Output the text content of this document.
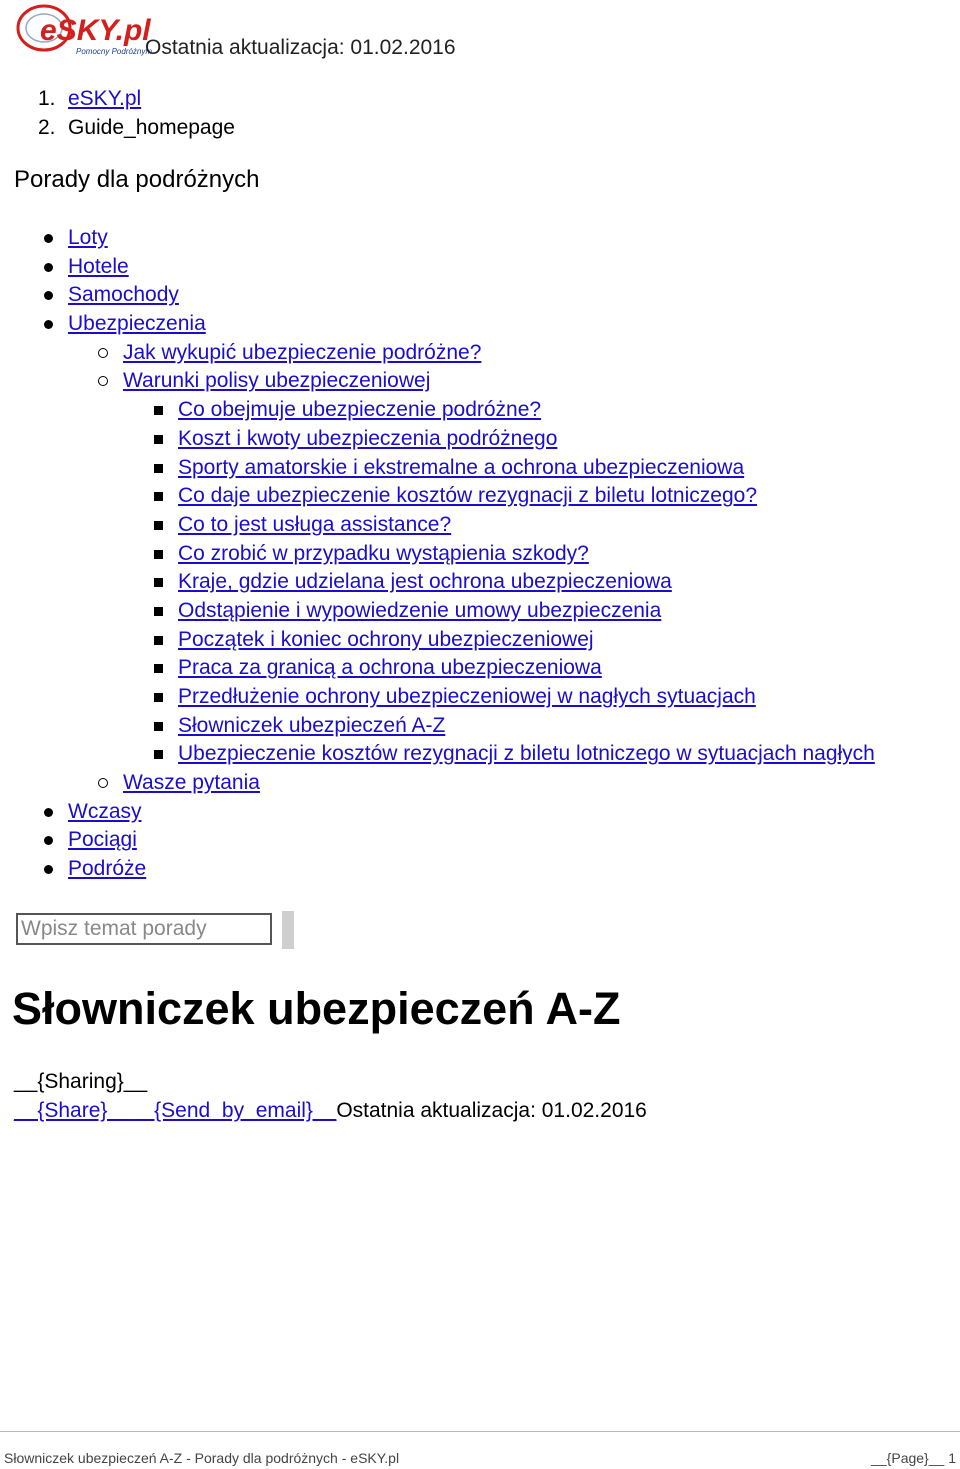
eSKY.pl
Pomocny Podróżnym
Ostatnia aktualizacja: 01.02.2016
1. eSKY.pl
2. Guide_homepage
Porady dla podróżnych
Loty
Hotele
Samochody
Ubezpieczenia
Jak wykupić ubezpieczenie podróżne?
Warunki polisy ubezpieczeniowej
Co obejmuje ubezpieczenie podróżne?
Koszt i kwoty ubezpieczenia podróżnego
Sporty amatorskie i ekstremalne a ochrona ubezpieczeniowa
Co daje ubezpieczenie kosztów rezygnacji z biletu lotniczego?
Co to jest usługa assistance?
Co zrobić w przypadku wystąpienia szkody?
Kraje, gdzie udzielana jest ochrona ubezpieczeniowa
Odstąpienie i wypowiedzenie umowy ubezpieczenia
Początek i koniec ochrony ubezpieczeniowej
Praca za granicą a ochrona ubezpieczeniowa
Przedłużenie ochrony ubezpieczeniowej w nagłych sytuacjach
Słowniczek ubezpieczeń A-Z
Ubezpieczenie kosztów rezygnacji z biletu lotniczego w sytuacjach nagłych
Wasze pytania
Wczasy
Pociągi
Podróże
Wpisz temat porady
Słowniczek ubezpieczeń A-Z
__{Sharing}__
__{Share}____{Send_by_email}__Ostatnia aktualizacja: 01.02.2016
Słowniczek ubezpieczeń A-Z - Porady dla podróżnych - eSKY.pl	__{Page}__ 1
